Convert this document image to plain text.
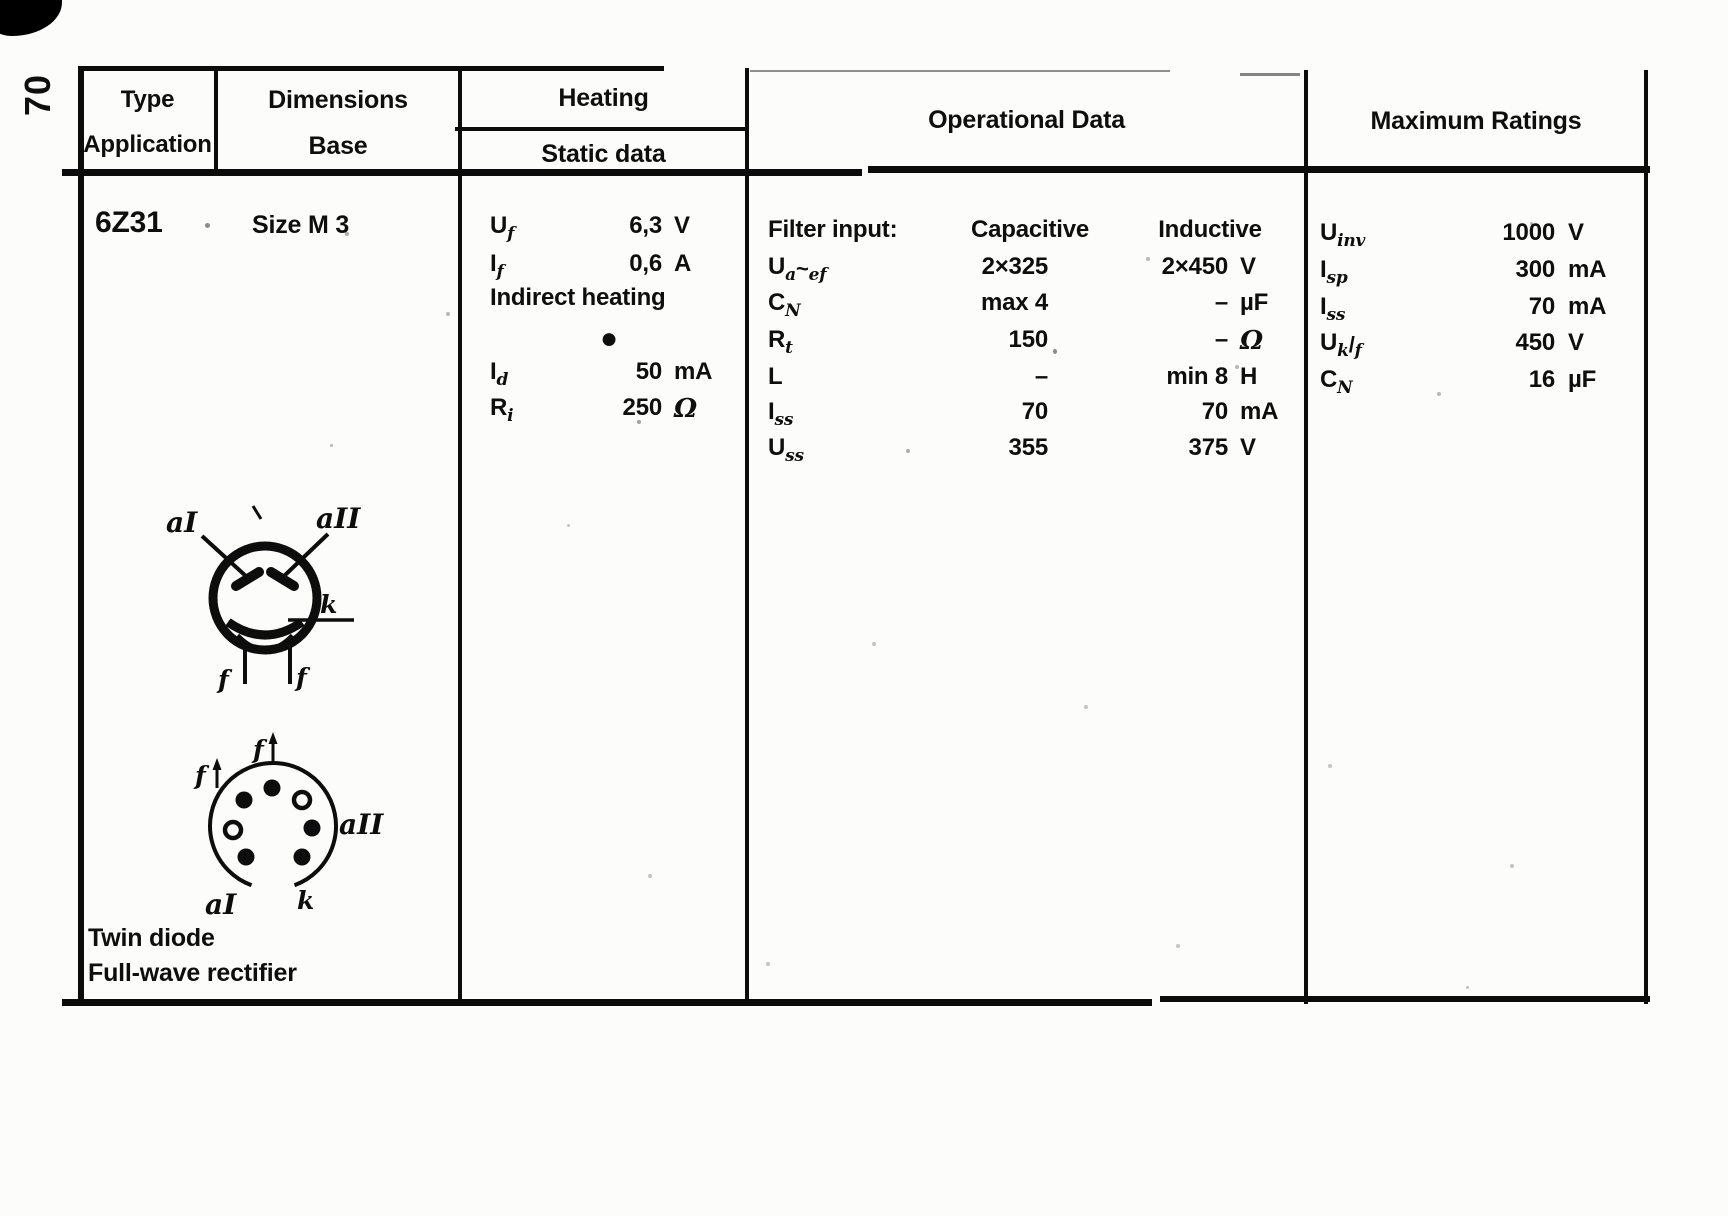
70	Type
Application
Dimensions
Base
Heating
Static data
Operational Data	Maximum Ratings
6Z31	Size M 3
Twin diode
Full-wave rectifier
aI	aII
k
f	f
f
f
aII
aI k
$U_f$	6,3 V
$I_f$	0,6 A
Indirect heating
●
$I_d$	50 mA
$R_i$	250 Ω
Filter input:	Capacitive	Inductive
$U_a\sim_{ef}$	2×325	2×450 V
$C_N$	max 4	– µF
$R_t$	150	– Ω
L	–	min 8 H
$I_{ss}$	70	70 mA
$U_{ss}$	355	375 V
$U_{inv}$	1000 V
$I_{sp}$	300 mA
$I_{ss}$	70 mA
$U_k/_f$	450 V
$C_N$	16 µF
